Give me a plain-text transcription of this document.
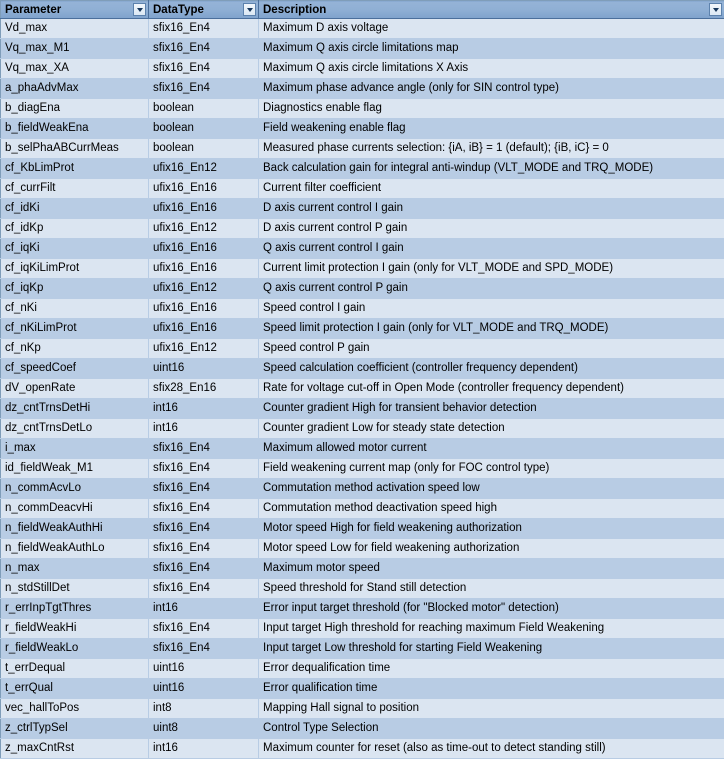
Parameter	DataType	Description

Vd_max	sfix16_En4	Maximum D axis voltage
Vq_max_M1	sfix16_En4	Maximum Q axis circle limitations map
Vq_max_XA	sfix16_En4	Maximum Q axis circle limitations X Axis
a_phaAdvMax	sfix16_En4	Maximum phase advance angle (only for SIN control type)
b_diagEna	boolean	Diagnostics enable flag
b_fieldWeakEna	boolean	Field weakening enable flag
b_selPhaABCurrMeas	boolean	Measured phase currents selection: {iA, iB} = 1 (default); {iB, iC} = 0
cf_KbLimProt	ufix16_En12	Back calculation gain for integral anti-windup (VLT_MODE and TRQ_MODE)
cf_currFilt	ufix16_En16	Current filter coefficient
cf_idKi	ufix16_En16	D axis current control I gain
cf_idKp	ufix16_En12	D axis current control P gain
cf_iqKi	ufix16_En16	Q axis current control I gain
cf_iqKiLimProt	ufix16_En16	Current limit protection I gain (only for VLT_MODE and SPD_MODE)
cf_iqKp	ufix16_En12	Q axis current control P gain
cf_nKi	ufix16_En16	Speed control I gain
cf_nKiLimProt	ufix16_En16	Speed limit protection I gain (only for VLT_MODE and TRQ_MODE)
cf_nKp	ufix16_En12	Speed control P gain
cf_speedCoef	uint16	Speed calculation coefficient (controller frequency dependent)
dV_openRate	sfix28_En16	Rate for voltage cut-off in Open Mode (controller frequency dependent)
dz_cntTrnsDetHi	int16	Counter gradient High for transient behavior detection
dz_cntTrnsDetLo	int16	Counter gradient Low for steady state detection
i_max	sfix16_En4	Maximum allowed motor current
id_fieldWeak_M1	sfix16_En4	Field weakening current map (only for FOC control type)
n_commAcvLo	sfix16_En4	Commutation method activation speed low
n_commDeacvHi	sfix16_En4	Commutation method deactivation speed high
n_fieldWeakAuthHi	sfix16_En4	Motor speed High for field weakening authorization
n_fieldWeakAuthLo	sfix16_En4	Motor speed Low for field weakening authorization
n_max	sfix16_En4	Maximum motor speed
n_stdStillDet	sfix16_En4	Speed threshold for Stand still detection
r_errInpTgtThres	int16	Error input target threshold (for "Blocked motor" detection)
r_fieldWeakHi	sfix16_En4	Input target High threshold for reaching maximum Field Weakening
r_fieldWeakLo	sfix16_En4	Input target Low threshold for starting Field Weakening
t_errDequal	uint16	Error dequalification time
t_errQual	uint16	Error qualification time
vec_hallToPos	int8	Mapping Hall signal to position
z_ctrlTypSel	uint8	Control Type Selection
z_maxCntRst	int16	Maximum counter for reset (also as time-out to detect standing still)
